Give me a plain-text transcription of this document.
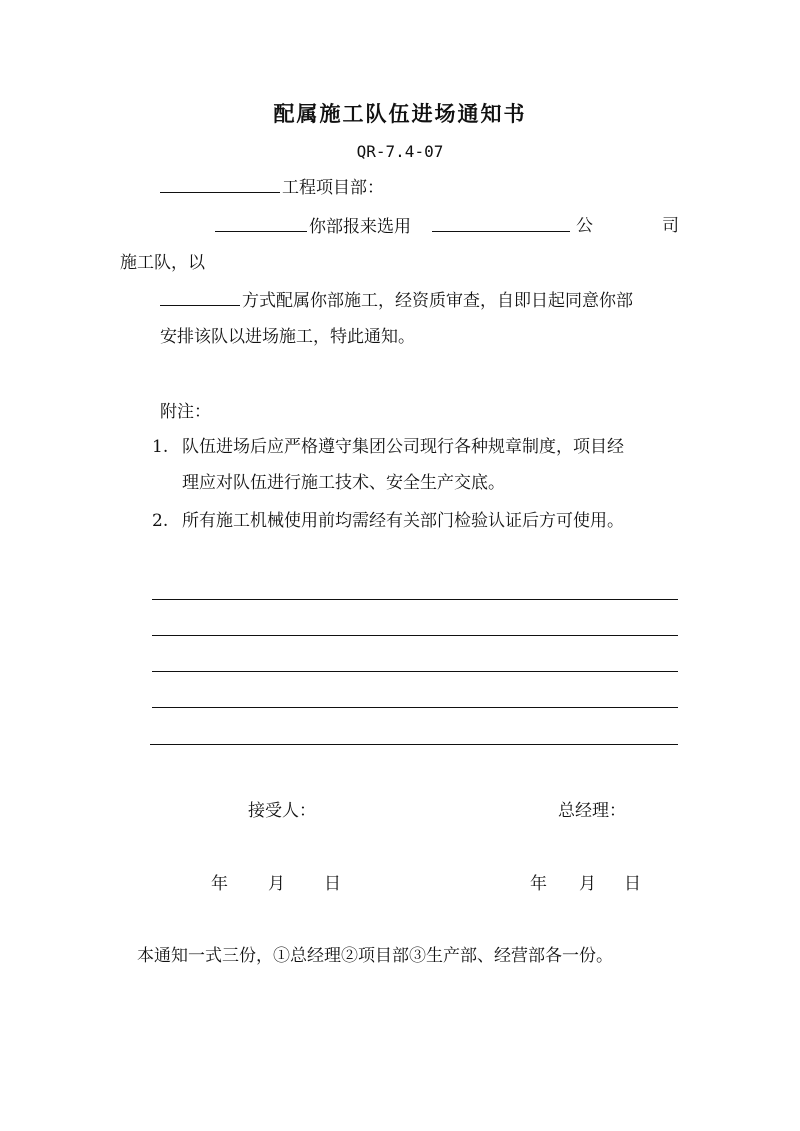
配属施工队伍进场通知书
QR-7.4-07
工程项目部：
你部报来选用	公	司
施工队，以
方式配属你部施工，经资质审查，自即日起同意你部
安排该队以进场施工，特此通知。
附注：
1. 队伍进场后应严格遵守集团公司现行各种规章制度，项目经
理应对队伍进行施工技术、安全生产交底。
2. 所有施工机械使用前均需经有关部门检验认证后方可使用。
接受人：	总经理：
年 月 日	年 月 日
本通知一式三份，①总经理②项目部③生产部、经营部各一份。
